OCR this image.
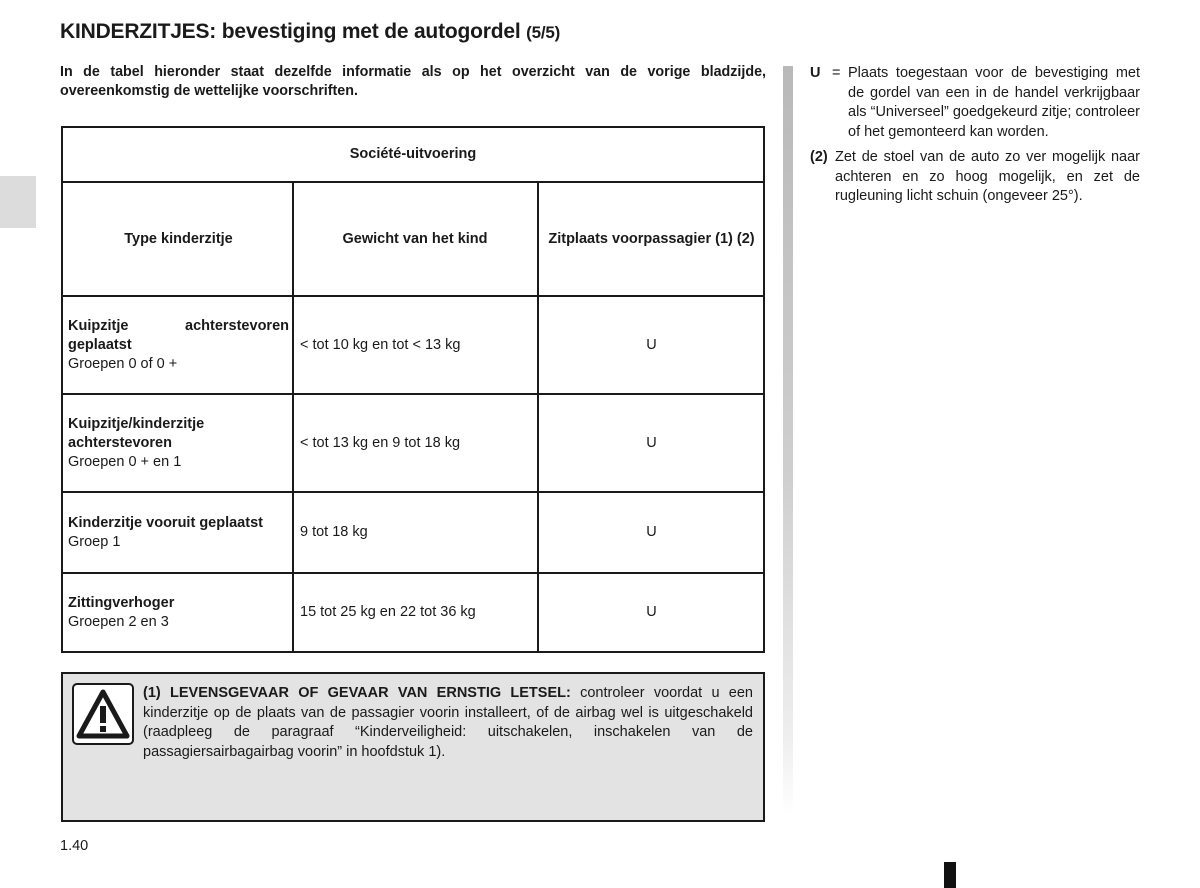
KINDERZITJES: bevestiging met de autogordel (5/5)

In de tabel hieronder staat dezelfde informatie als op het overzicht van de vorige bladzijde, overeenkomstig de wettelijke voorschriften.

Société-uitvoering
Type kinderzitje	Gewicht van het kind	Zitplaats voorpassagier (1) (2)
Kuipzitje achterstevoren geplaatst
Groepen 0 of 0 +
< tot 10 kg en tot < 13 kg	U
Kuipzitje/kinderzitje achterstevoren
Groepen 0 + en 1
< tot 13 kg en 9 tot 18 kg	U
Kinderzitje vooruit geplaatst
Groep 1
9 tot 18 kg	U
Zittingverhoger
Groepen 2 en 3
15 tot 25 kg en 22 tot 36 kg	U

(1) LEVENSGEVAAR OF GEVAAR VAN ERNSTIG LETSEL: controleer voordat u een kinderzitje op de plaats van de passagier voorin installeert, of de airbag wel is uitgeschakeld (raadpleeg de paragraaf “Kinderveiligheid: uitschakelen, inschakelen van de passagiersairbagairbag voorin” in hoofdstuk 1).

1.40
U = Plaats toegestaan voor de bevestiging met de gordel van een in de handel verkrijgbaar als “Universeel” goedgekeurd zitje; controleer of het gemonteerd kan worden.
(2) Zet de stoel van de auto zo ver mogelijk naar achteren en zo hoog mogelijk, en zet de rugleuning licht schuin (ongeveer 25°).
